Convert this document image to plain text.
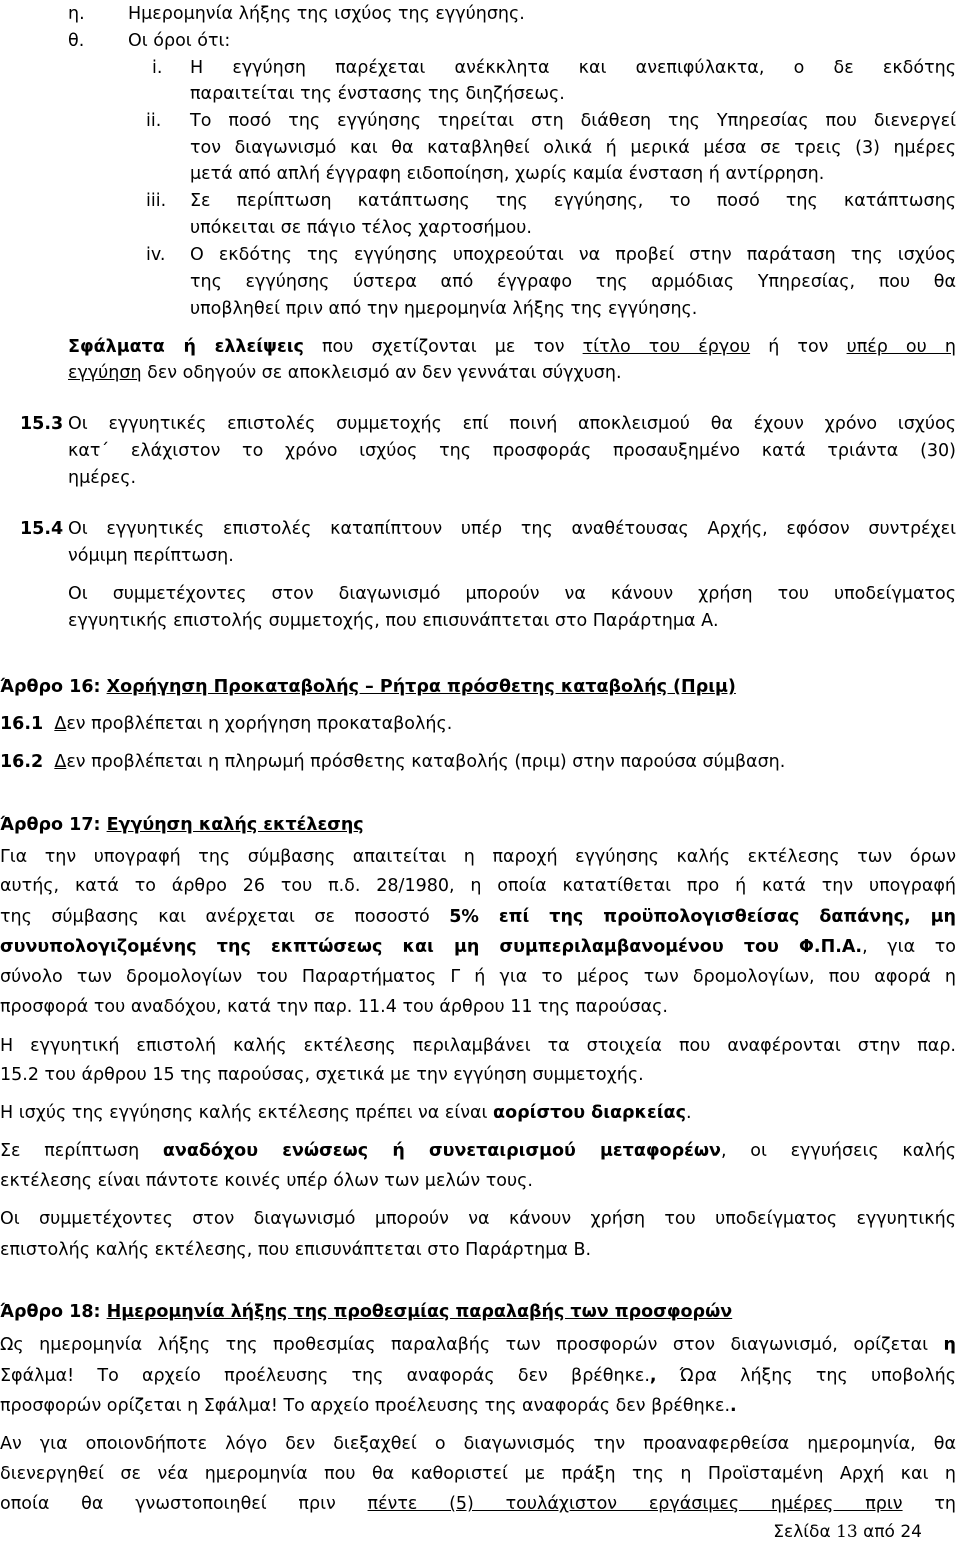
η. Ημερομηνία λήξης της ισχύος της εγγύησης.
θ. Οι όροι ότι:
i. Η εγγύηση παρέχεται ανέκκλητα και ανεπιφύλακτα, ο δε εκδότης
παραιτείται της ένστασης της διηζήσεως.
ii. Το ποσό της εγγύησης τηρείται στη διάθεση της Υπηρεσίας που διενεργεί
τον διαγωνισμό και θα καταβληθεί ολικά ή μερικά μέσα σε τρεις (3) ημέρες
μετά από απλή έγγραφη ειδοποίηση, χωρίς καμία ένσταση ή αντίρρηση.
iii. Σε περίπτωση κατάπτωσης της εγγύησης, το ποσό της κατάπτωσης
υπόκειται σε πάγιο τέλος χαρτοσήμου.
iv. Ο εκδότης της εγγύησης υποχρεούται να προβεί στην παράταση της ισχύος
της εγγύησης ύστερα από έγγραφο της αρμόδιας Υπηρεσίας, που θα
υποβληθεί πριν από την ημερομηνία λήξης της εγγύησης.
Σφάλματα ή ελλείψεις που σχετίζονται με τον τίτλο του έργου ή τον υπέρ ου η
εγγύηση δεν οδηγούν σε αποκλεισμό αν δεν γεννάται σύγχυση.
15.3 Οι εγγυητικές επιστολές συμμετοχής επί ποινή αποκλεισμού θα έχουν χρόνο ισχύος
κατ΄ ελάχιστον το χρόνο ισχύος της προσφοράς προσαυξημένο κατά τριάντα (30)
ημέρες.
15.4 Οι εγγυητικές επιστολές καταπίπτουν υπέρ της αναθέτουσας Αρχής, εφόσον συντρέχει
νόμιμη περίπτωση.
Οι συμμετέχοντες στον διαγωνισμό μπορούν να κάνουν χρήση του υποδείγματος
εγγυητικής επιστολής συμμετοχής, που επισυνάπτεται στο Παράρτημα Α.
Άρθρο 16: Χορήγηση Προκαταβολής – Ρήτρα πρόσθετης καταβολής (Πριμ)
16.1 Δεν προβλέπεται η χορήγηση προκαταβολής.
16.2 Δεν προβλέπεται η πληρωμή πρόσθετης καταβολής (πριμ) στην παρούσα σύμβαση.
Άρθρο 17: Εγγύηση καλής εκτέλεσης
Για την υπογραφή της σύμβασης απαιτείται η παροχή εγγύησης καλής εκτέλεσης των όρων
αυτής, κατά το άρθρο 26 του π.δ. 28/1980, η οποία κατατίθεται προ ή κατά την υπογραφή
της σύμβασης και ανέρχεται σε ποσοστό 5% επί της προϋπολογισθείσας δαπάνης, μη
συνυπολογιζομένης της εκπτώσεως και μη συμπεριλαμβανομένου του Φ.Π.Α., για το
σύνολο των δρομολογίων του Παραρτήματος Γ ή για το μέρος των δρομολογίων, που αφορά η
προσφορά του αναδόχου, κατά την παρ. 11.4 του άρθρου 11 της παρούσας.
Η εγγυητική επιστολή καλής εκτέλεσης περιλαμβάνει τα στοιχεία που αναφέρονται στην παρ.
15.2 του άρθρου 15 της παρούσας, σχετικά με την εγγύηση συμμετοχής.
Η ισχύς της εγγύησης καλής εκτέλεσης πρέπει να είναι αορίστου διαρκείας.
Σε περίπτωση αναδόχου ενώσεως ή συνεταιρισμού μεταφορέων, οι εγγυήσεις καλής
εκτέλεσης είναι πάντοτε κοινές υπέρ όλων των μελών τους.
Οι συμμετέχοντες στον διαγωνισμό μπορούν να κάνουν χρήση του υποδείγματος εγγυητικής
επιστολής καλής εκτέλεσης, που επισυνάπτεται στο Παράρτημα Β.
Άρθρο 18: Ημερομηνία λήξης της προθεσμίας παραλαβής των προσφορών
Ως ημερομηνία λήξης της προθεσμίας παραλαβής των προσφορών στον διαγωνισμό, ορίζεται η
Σφάλμα! Το αρχείο προέλευσης της αναφοράς δεν βρέθηκε., Ώρα λήξης της υποβολής
προσφορών ορίζεται η Σφάλμα! Το αρχείο προέλευσης της αναφοράς δεν βρέθηκε..
Αν για οποιονδήποτε λόγο δεν διεξαχθεί ο διαγωνισμός την προαναφερθείσα ημερομηνία, θα
διενεργηθεί σε νέα ημερομηνία που θα καθοριστεί με πράξη της η Προϊσταμένη Αρχή και η
οποία θα γνωστοποιηθεί πριν πέντε (5) τουλάχιστον εργάσιμες ημέρες πριν τη
Σελίδα 13 από 24
